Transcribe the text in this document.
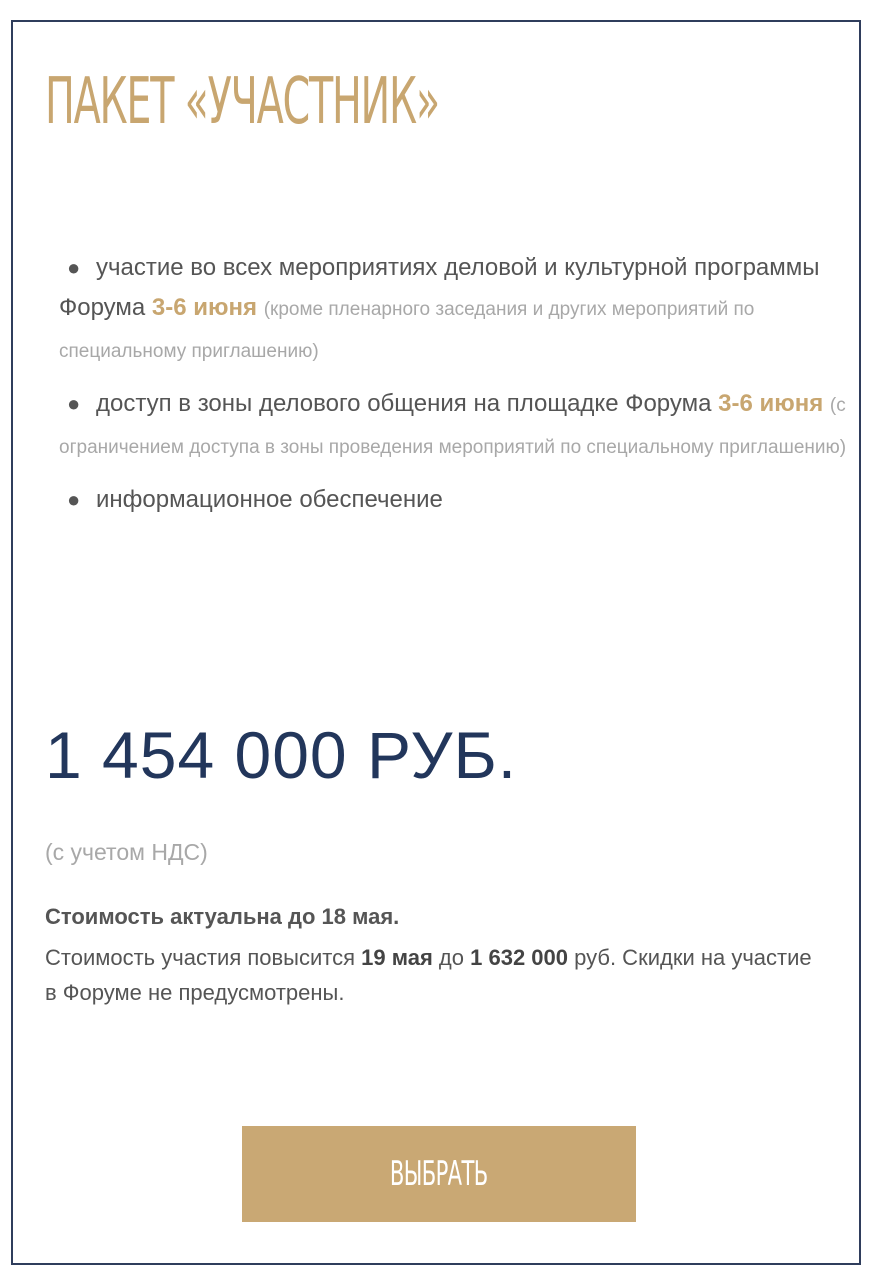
ПАКЕТ «УЧАСТНИК»
● участие во всех мероприятиях деловой и культурной программы Форума 3-6 июня (кроме пленарного заседания и других мероприятий по специальному приглашению)
● доступ в зоны делового общения на площадке Форума 3-6 июня (с ограничением доступа в зоны проведения мероприятий по специальному приглашению)
● информационное обеспечение
1 454 000 РУБ.
(с учетом НДС)
Стоимость актуальна до 18 мая.
Стоимость участия повысится 19 мая до 1 632 000 руб. Скидки на участие в Форуме не предусмотрены.
ВЫБРАТЬ
